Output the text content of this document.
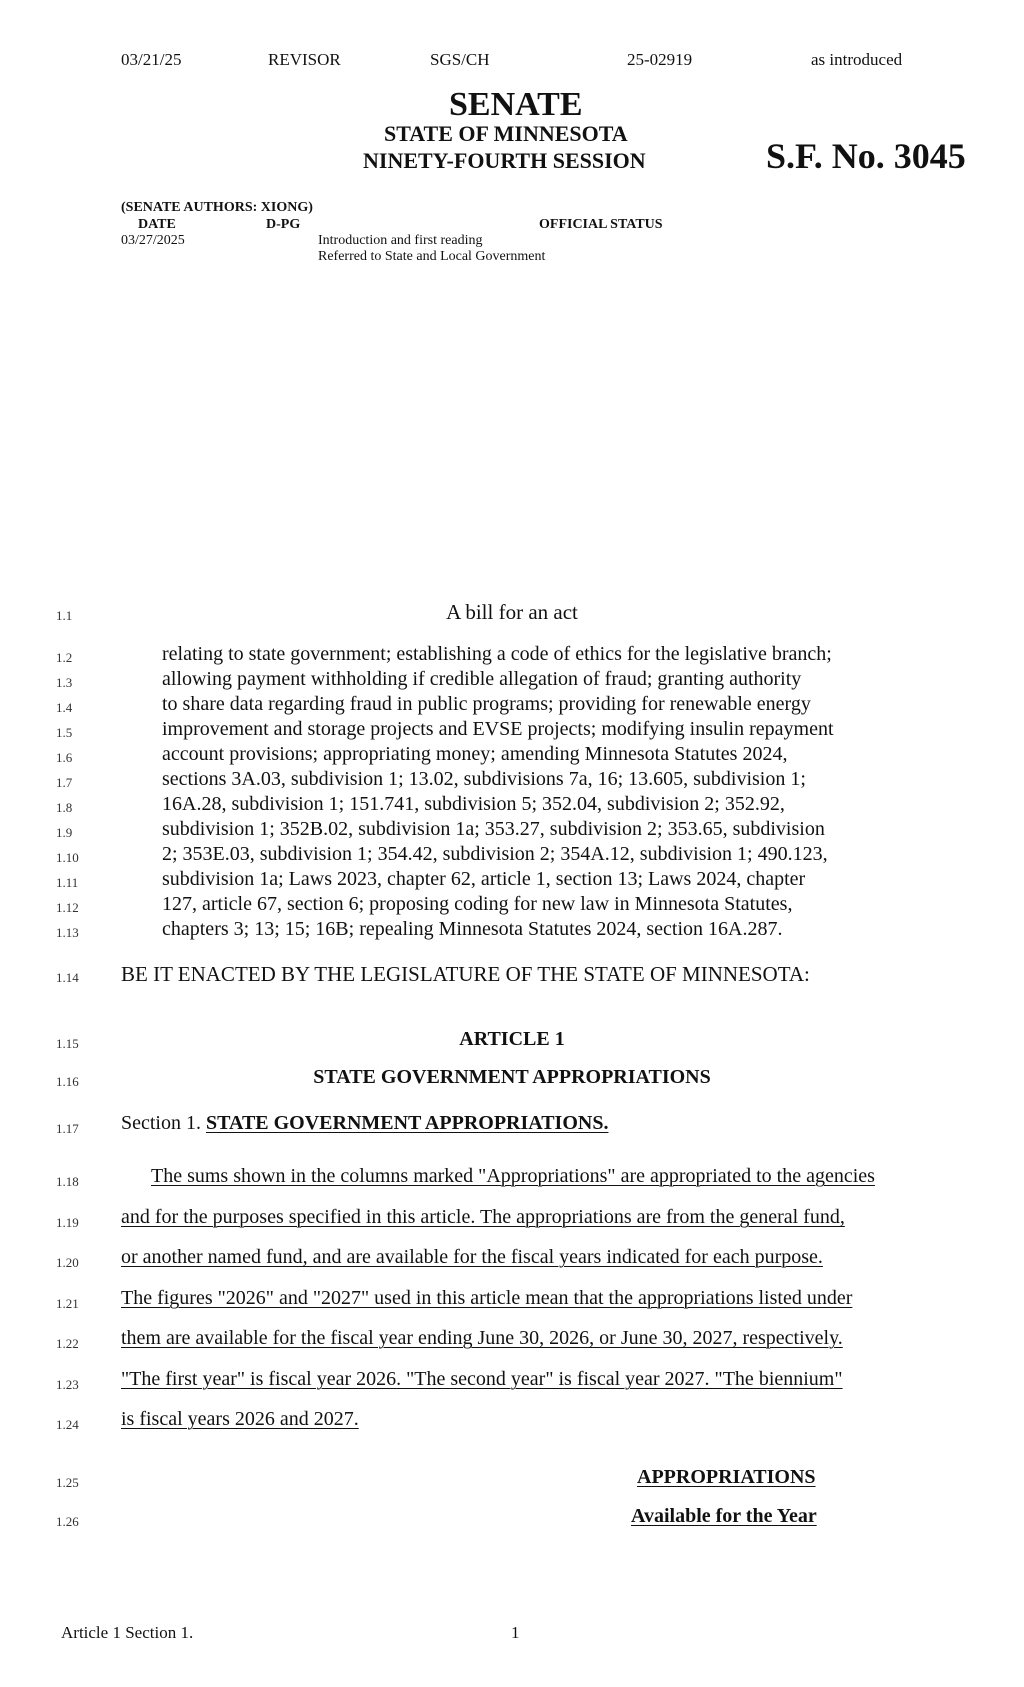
03/21/25	REVISOR	SGS/CH	25-02919	as introduced
SENATE
STATE OF MINNESOTA
NINETY-FOURTH SESSION	S.F. No. 3045
(SENATE AUTHORS: XIONG)
DATE	D-PG	OFFICIAL STATUS
03/27/2025	Introduction and first reading
Referred to State and Local Government
1.1	A bill for an act
1.2	relating to state government; establishing a code of ethics for the legislative branch;
1.3	allowing payment withholding if credible allegation of fraud; granting authority
1.4	to share data regarding fraud in public programs; providing for renewable energy
1.5	improvement and storage projects and EVSE projects; modifying insulin repayment
1.6	account provisions; appropriating money; amending Minnesota Statutes 2024,
1.7	sections 3A.03, subdivision 1; 13.02, subdivisions 7a, 16; 13.605, subdivision 1;
1.8	16A.28, subdivision 1; 151.741, subdivision 5; 352.04, subdivision 2; 352.92,
1.9	subdivision 1; 352B.02, subdivision 1a; 353.27, subdivision 2; 353.65, subdivision
1.10	2; 353E.03, subdivision 1; 354.42, subdivision 2; 354A.12, subdivision 1; 490.123,
1.11	subdivision 1a; Laws 2023, chapter 62, article 1, section 13; Laws 2024, chapter
1.12	127, article 67, section 6; proposing coding for new law in Minnesota Statutes,
1.13	chapters 3; 13; 15; 16B; repealing Minnesota Statutes 2024, section 16A.287.
1.14 BE IT ENACTED BY THE LEGISLATURE OF THE STATE OF MINNESOTA:
1.15	ARTICLE 1
1.16	STATE GOVERNMENT APPROPRIATIONS
1.17 Section 1. STATE GOVERNMENT APPROPRIATIONS.
1.18	The sums shown in the columns marked "Appropriations" are appropriated to the agencies
1.19 and for the purposes specified in this article. The appropriations are from the general fund,
1.20 or another named fund, and are available for the fiscal years indicated for each purpose.
1.21 The figures "2026" and "2027" used in this article mean that the appropriations listed under
1.22 them are available for the fiscal year ending June 30, 2026, or June 30, 2027, respectively.
1.23 "The first year" is fiscal year 2026. "The second year" is fiscal year 2027. "The biennium"
1.24 is fiscal years 2026 and 2027.
1.25	APPROPRIATIONS
1.26	Available for the Year
Article 1 Section 1.	1
